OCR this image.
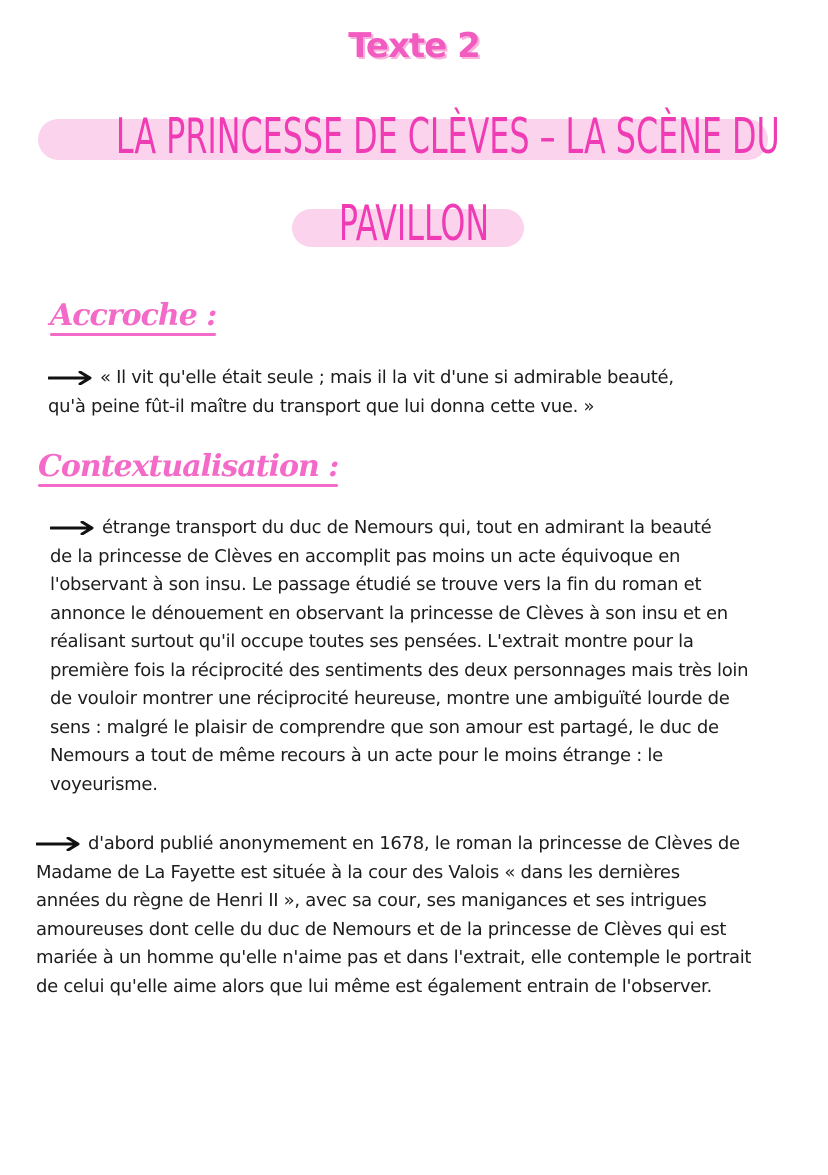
Texte 2
LA PRINCESSE DE CLÈVES – LA SCÈNE DU
PAVILLON
Accroche :
« Il vit qu'elle était seule ; mais il la vit d'une si admirable beauté,
qu'à peine fût-il maître du transport que lui donna cette vue. »
Contextualisation :
étrange transport du duc de Nemours qui, tout en admirant la beauté
de la princesse de Clèves en accomplit pas moins un acte équivoque en
l'observant à son insu. Le passage étudié se trouve vers la fin du roman et
annonce le dénouement en observant la princesse de Clèves à son insu et en
réalisant surtout qu'il occupe toutes ses pensées. L'extrait montre pour la
première fois la réciprocité des sentiments des deux personnages mais très loin
de vouloir montrer une réciprocité heureuse, montre une ambiguïté lourde de
sens : malgré le plaisir de comprendre que son amour est partagé, le duc de
Nemours a tout de même recours à un acte pour le moins étrange : le
voyeurisme.
d'abord publié anonymement en 1678, le roman la princesse de Clèves de
Madame de La Fayette est située à la cour des Valois « dans les dernières
années du règne de Henri II », avec sa cour, ses manigances et ses intrigues
amoureuses dont celle du duc de Nemours et de la princesse de Clèves qui est
mariée à un homme qu'elle n'aime pas et dans l'extrait, elle contemple le portrait
de celui qu'elle aime alors que lui même est également entrain de l'observer.
